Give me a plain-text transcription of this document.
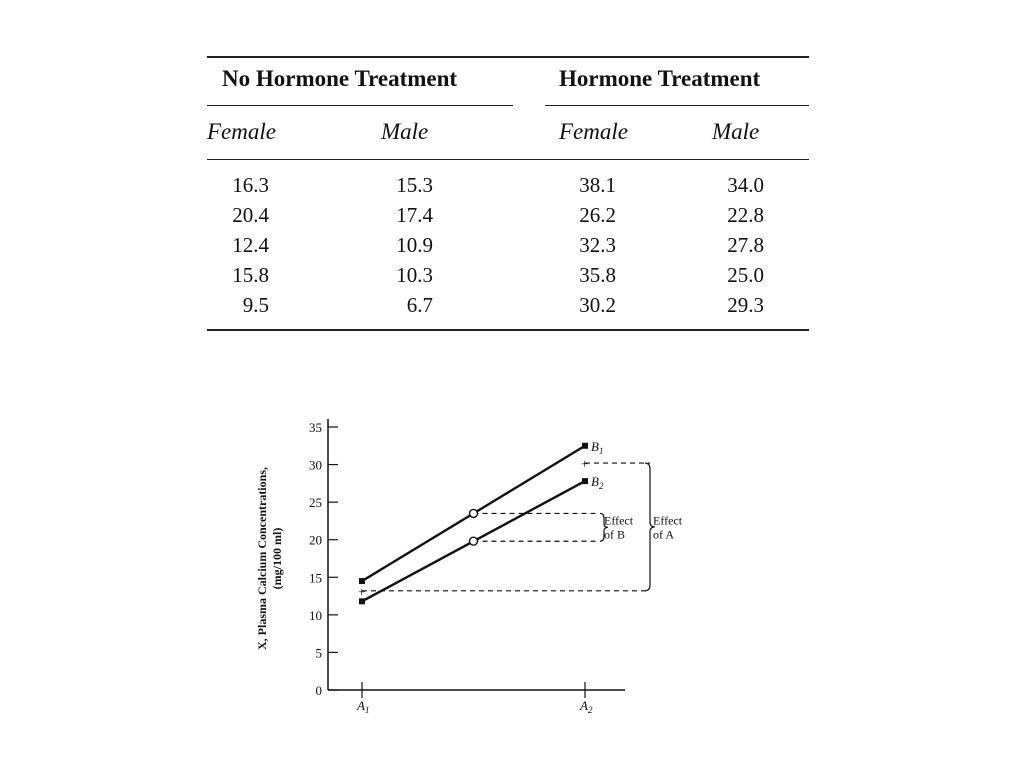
No Hormone Treatment	Hormone Treatment
Female	Male	Female	Male
16.3	15.3	38.1	34.0
20.4	17.4	26.2	22.8
12.4	10.9	32.3	27.8
15.8	10.3	35.8	25.0
9.5	6.7	30.2	29.3
0
5
10
15
20
25
30
35
$A_1$	$A_2$
X, Plasma Calcium Concentrations, (mg/100 ml)
$B_1$
$B_2$
+
+
Effect
of B
Effect
of A
